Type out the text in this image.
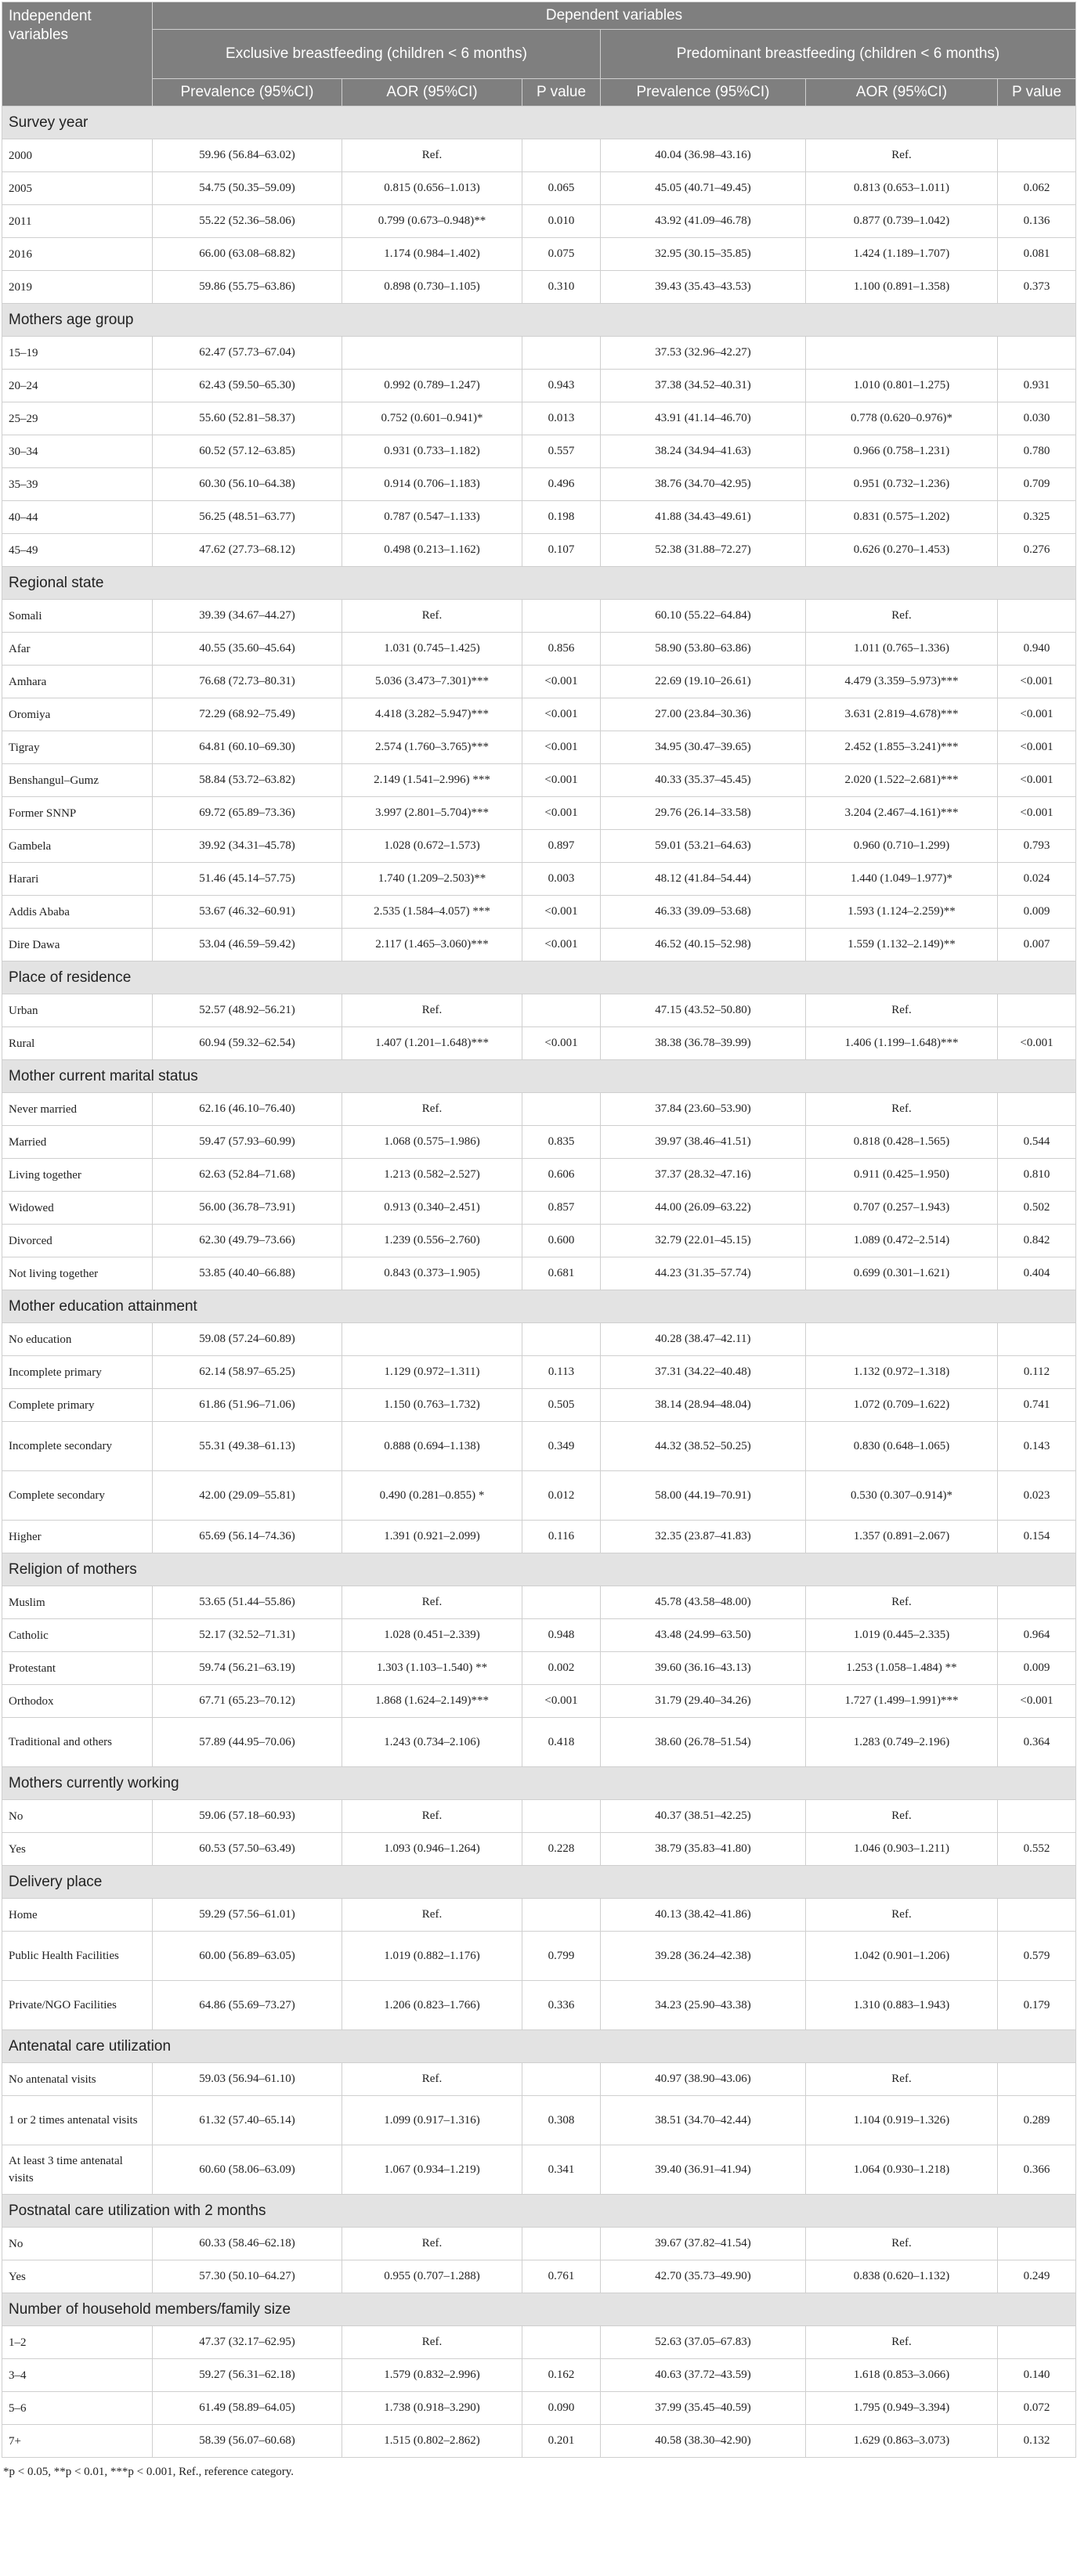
Independent variables	Dependent variables					
	Exclusive breastfeeding (children < 6 months)			Predominant breastfeeding (children < 6 months)		
	Prevalence (95%CI)	AOR (95%CI)	P value	Prevalence (95%CI)	AOR (95%CI)	P value
Survey year						
2000	59.96 (56.84–63.02)	Ref.		40.04 (36.98–43.16)	Ref.	
2005	54.75 (50.35–59.09)	0.815 (0.656–1.013)	0.065	45.05 (40.71–49.45)	0.813 (0.653–1.011)	0.062
2011	55.22 (52.36–58.06)	0.799 (0.673–0.948)**	0.010	43.92 (41.09–46.78)	0.877 (0.739–1.042)	0.136
2016	66.00 (63.08–68.82)	1.174 (0.984–1.402)	0.075	32.95 (30.15–35.85)	1.424 (1.189–1.707)	0.081
2019	59.86 (55.75–63.86)	0.898 (0.730–1.105)	0.310	39.43 (35.43–43.53)	1.100 (0.891–1.358)	0.373
Mothers age group						
15–19	62.47 (57.73–67.04)			37.53 (32.96–42.27)		
20–24	62.43 (59.50–65.30)	0.992 (0.789–1.247)	0.943	37.38 (34.52–40.31)	1.010 (0.801–1.275)	0.931
25–29	55.60 (52.81–58.37)	0.752 (0.601–0.941)*	0.013	43.91 (41.14–46.70)	0.778 (0.620–0.976)*	0.030
30–34	60.52 (57.12–63.85)	0.931 (0.733–1.182)	0.557	38.24 (34.94–41.63)	0.966 (0.758–1.231)	0.780
35–39	60.30 (56.10–64.38)	0.914 (0.706–1.183)	0.496	38.76 (34.70–42.95)	0.951 (0.732–1.236)	0.709
40–44	56.25 (48.51–63.77)	0.787 (0.547–1.133)	0.198	41.88 (34.43–49.61)	0.831 (0.575–1.202)	0.325
45–49	47.62 (27.73–68.12)	0.498 (0.213–1.162)	0.107	52.38 (31.88–72.27)	0.626 (0.270–1.453)	0.276
Regional state						
Somali	39.39 (34.67–44.27)	Ref.		60.10 (55.22–64.84)	Ref.	
Afar	40.55 (35.60–45.64)	1.031 (0.745–1.425)	0.856	58.90 (53.80–63.86)	1.011 (0.765–1.336)	0.940
Amhara	76.68 (72.73–80.31)	5.036 (3.473–7.301)***	<0.001	22.69 (19.10–26.61)	4.479 (3.359–5.973)***	<0.001
Oromiya	72.29 (68.92–75.49)	4.418 (3.282–5.947)***	<0.001	27.00 (23.84–30.36)	3.631 (2.819–4.678)***	<0.001
Tigray	64.81 (60.10–69.30)	2.574 (1.760–3.765)***	<0.001	34.95 (30.47–39.65)	2.452 (1.855–3.241)***	<0.001
Benshangul–Gumz	58.84 (53.72–63.82)	2.149 (1.541–2.996) ***	<0.001	40.33 (35.37–45.45)	2.020 (1.522–2.681)***	<0.001
Former SNNP	69.72 (65.89–73.36)	3.997 (2.801–5.704)***	<0.001	29.76 (26.14–33.58)	3.204 (2.467–4.161)***	<0.001
Gambela	39.92 (34.31–45.78)	1.028 (0.672–1.573)	0.897	59.01 (53.21–64.63)	0.960 (0.710–1.299)	0.793
Harari	51.46 (45.14–57.75)	1.740 (1.209–2.503)**	0.003	48.12 (41.84–54.44)	1.440 (1.049–1.977)*	0.024
Addis Ababa	53.67 (46.32–60.91)	2.535 (1.584–4.057) ***	<0.001	46.33 (39.09–53.68)	1.593 (1.124–2.259)**	0.009
Dire Dawa	53.04 (46.59–59.42)	2.117 (1.465–3.060)***	<0.001	46.52 (40.15–52.98)	1.559 (1.132–2.149)**	0.007
Place of residence						
Urban	52.57 (48.92–56.21)	Ref.		47.15 (43.52–50.80)	Ref.	
Rural	60.94 (59.32–62.54)	1.407 (1.201–1.648)***	<0.001	38.38 (36.78–39.99)	1.406 (1.199–1.648)***	<0.001
Mother current marital status						
Never married	62.16 (46.10–76.40)	Ref.		37.84 (23.60–53.90)	Ref.	
Married	59.47 (57.93–60.99)	1.068 (0.575–1.986)	0.835	39.97 (38.46–41.51)	0.818 (0.428–1.565)	0.544
Living together	62.63 (52.84–71.68)	1.213 (0.582–2.527)	0.606	37.37 (28.32–47.16)	0.911 (0.425–1.950)	0.810
Widowed	56.00 (36.78–73.91)	0.913 (0.340–2.451)	0.857	44.00 (26.09–63.22)	0.707 (0.257–1.943)	0.502
Divorced	62.30 (49.79–73.66)	1.239 (0.556–2.760)	0.600	32.79 (22.01–45.15)	1.089 (0.472–2.514)	0.842
Not living together	53.85 (40.40–66.88)	0.843 (0.373–1.905)	0.681	44.23 (31.35–57.74)	0.699 (0.301–1.621)	0.404
Mother education attainment						
No education	59.08 (57.24–60.89)			40.28 (38.47–42.11)		
Incomplete primary	62.14 (58.97–65.25)	1.129 (0.972–1.311)	0.113	37.31 (34.22–40.48)	1.132 (0.972–1.318)	0.112
Complete primary	61.86 (51.96–71.06)	1.150 (0.763–1.732)	0.505	38.14 (28.94–48.04)	1.072 (0.709–1.622)	0.741
Incomplete secondary	55.31 (49.38–61.13)	0.888 (0.694–1.138)	0.349	44.32 (38.52–50.25)	0.830 (0.648–1.065)	0.143
Complete secondary	42.00 (29.09–55.81)	0.490 (0.281–0.855) *	0.012	58.00 (44.19–70.91)	0.530 (0.307–0.914)*	0.023
Higher	65.69 (56.14–74.36)	1.391 (0.921–2.099)	0.116	32.35 (23.87–41.83)	1.357 (0.891–2.067)	0.154
Religion of mothers						
Muslim	53.65 (51.44–55.86)	Ref.		45.78 (43.58–48.00)	Ref.	
Catholic	52.17 (32.52–71.31)	1.028 (0.451–2.339)	0.948	43.48 (24.99–63.50)	1.019 (0.445–2.335)	0.964
Protestant	59.74 (56.21–63.19)	1.303 (1.103–1.540) **	0.002	39.60 (36.16–43.13)	1.253 (1.058–1.484) **	0.009
Orthodox	67.71 (65.23–70.12)	1.868 (1.624–2.149)***	<0.001	31.79 (29.40–34.26)	1.727 (1.499–1.991)***	<0.001
Traditional and others	57.89 (44.95–70.06)	1.243 (0.734–2.106)	0.418	38.60 (26.78–51.54)	1.283 (0.749–2.196)	0.364
Mothers currently working						
No	59.06 (57.18–60.93)	Ref.		40.37 (38.51–42.25)	Ref.	
Yes	60.53 (57.50–63.49)	1.093 (0.946–1.264)	0.228	38.79 (35.83–41.80)	1.046 (0.903–1.211)	0.552
Delivery place						
Home	59.29 (57.56–61.01)	Ref.		40.13 (38.42–41.86)	Ref.	
Public Health Facilities	60.00 (56.89–63.05)	1.019 (0.882–1.176)	0.799	39.28 (36.24–42.38)	1.042 (0.901–1.206)	0.579
Private/NGO Facilities	64.86 (55.69–73.27)	1.206 (0.823–1.766)	0.336	34.23 (25.90–43.38)	1.310 (0.883–1.943)	0.179
Antenatal care utilization						
No antenatal visits	59.03 (56.94–61.10)	Ref.		40.97 (38.90–43.06)	Ref.	
1 or 2 times antenatal visits	61.32 (57.40–65.14)	1.099 (0.917–1.316)	0.308	38.51 (34.70–42.44)	1.104 (0.919–1.326)	0.289
At least 3 time antenatal visits	60.60 (58.06–63.09)	1.067 (0.934–1.219)	0.341	39.40 (36.91–41.94)	1.064 (0.930–1.218)	0.366
Postnatal care utilization with 2 months						
No	60.33 (58.46–62.18)	Ref.		39.67 (37.82–41.54)	Ref.	
Yes	57.30 (50.10–64.27)	0.955 (0.707–1.288)	0.761	42.70 (35.73–49.90)	0.838 (0.620–1.132)	0.249
Number of household members/family size						
1–2	47.37 (32.17–62.95)	Ref.		52.63 (37.05–67.83)	Ref.	
3–4	59.27 (56.31–62.18)	1.579 (0.832–2.996)	0.162	40.63 (37.72–43.59)	1.618 (0.853–3.066)	0.140
5–6	61.49 (58.89–64.05)	1.738 (0.918–3.290)	0.090	37.99 (35.45–40.59)	1.795 (0.949–3.394)	0.072
7+	58.39 (56.07–60.68)	1.515 (0.802–2.862)	0.201	40.58 (38.30–42.90)	1.629 (0.863–3.073)	0.132
*p < 0.05, **p < 0.01, ***p < 0.001, Ref., reference category.
